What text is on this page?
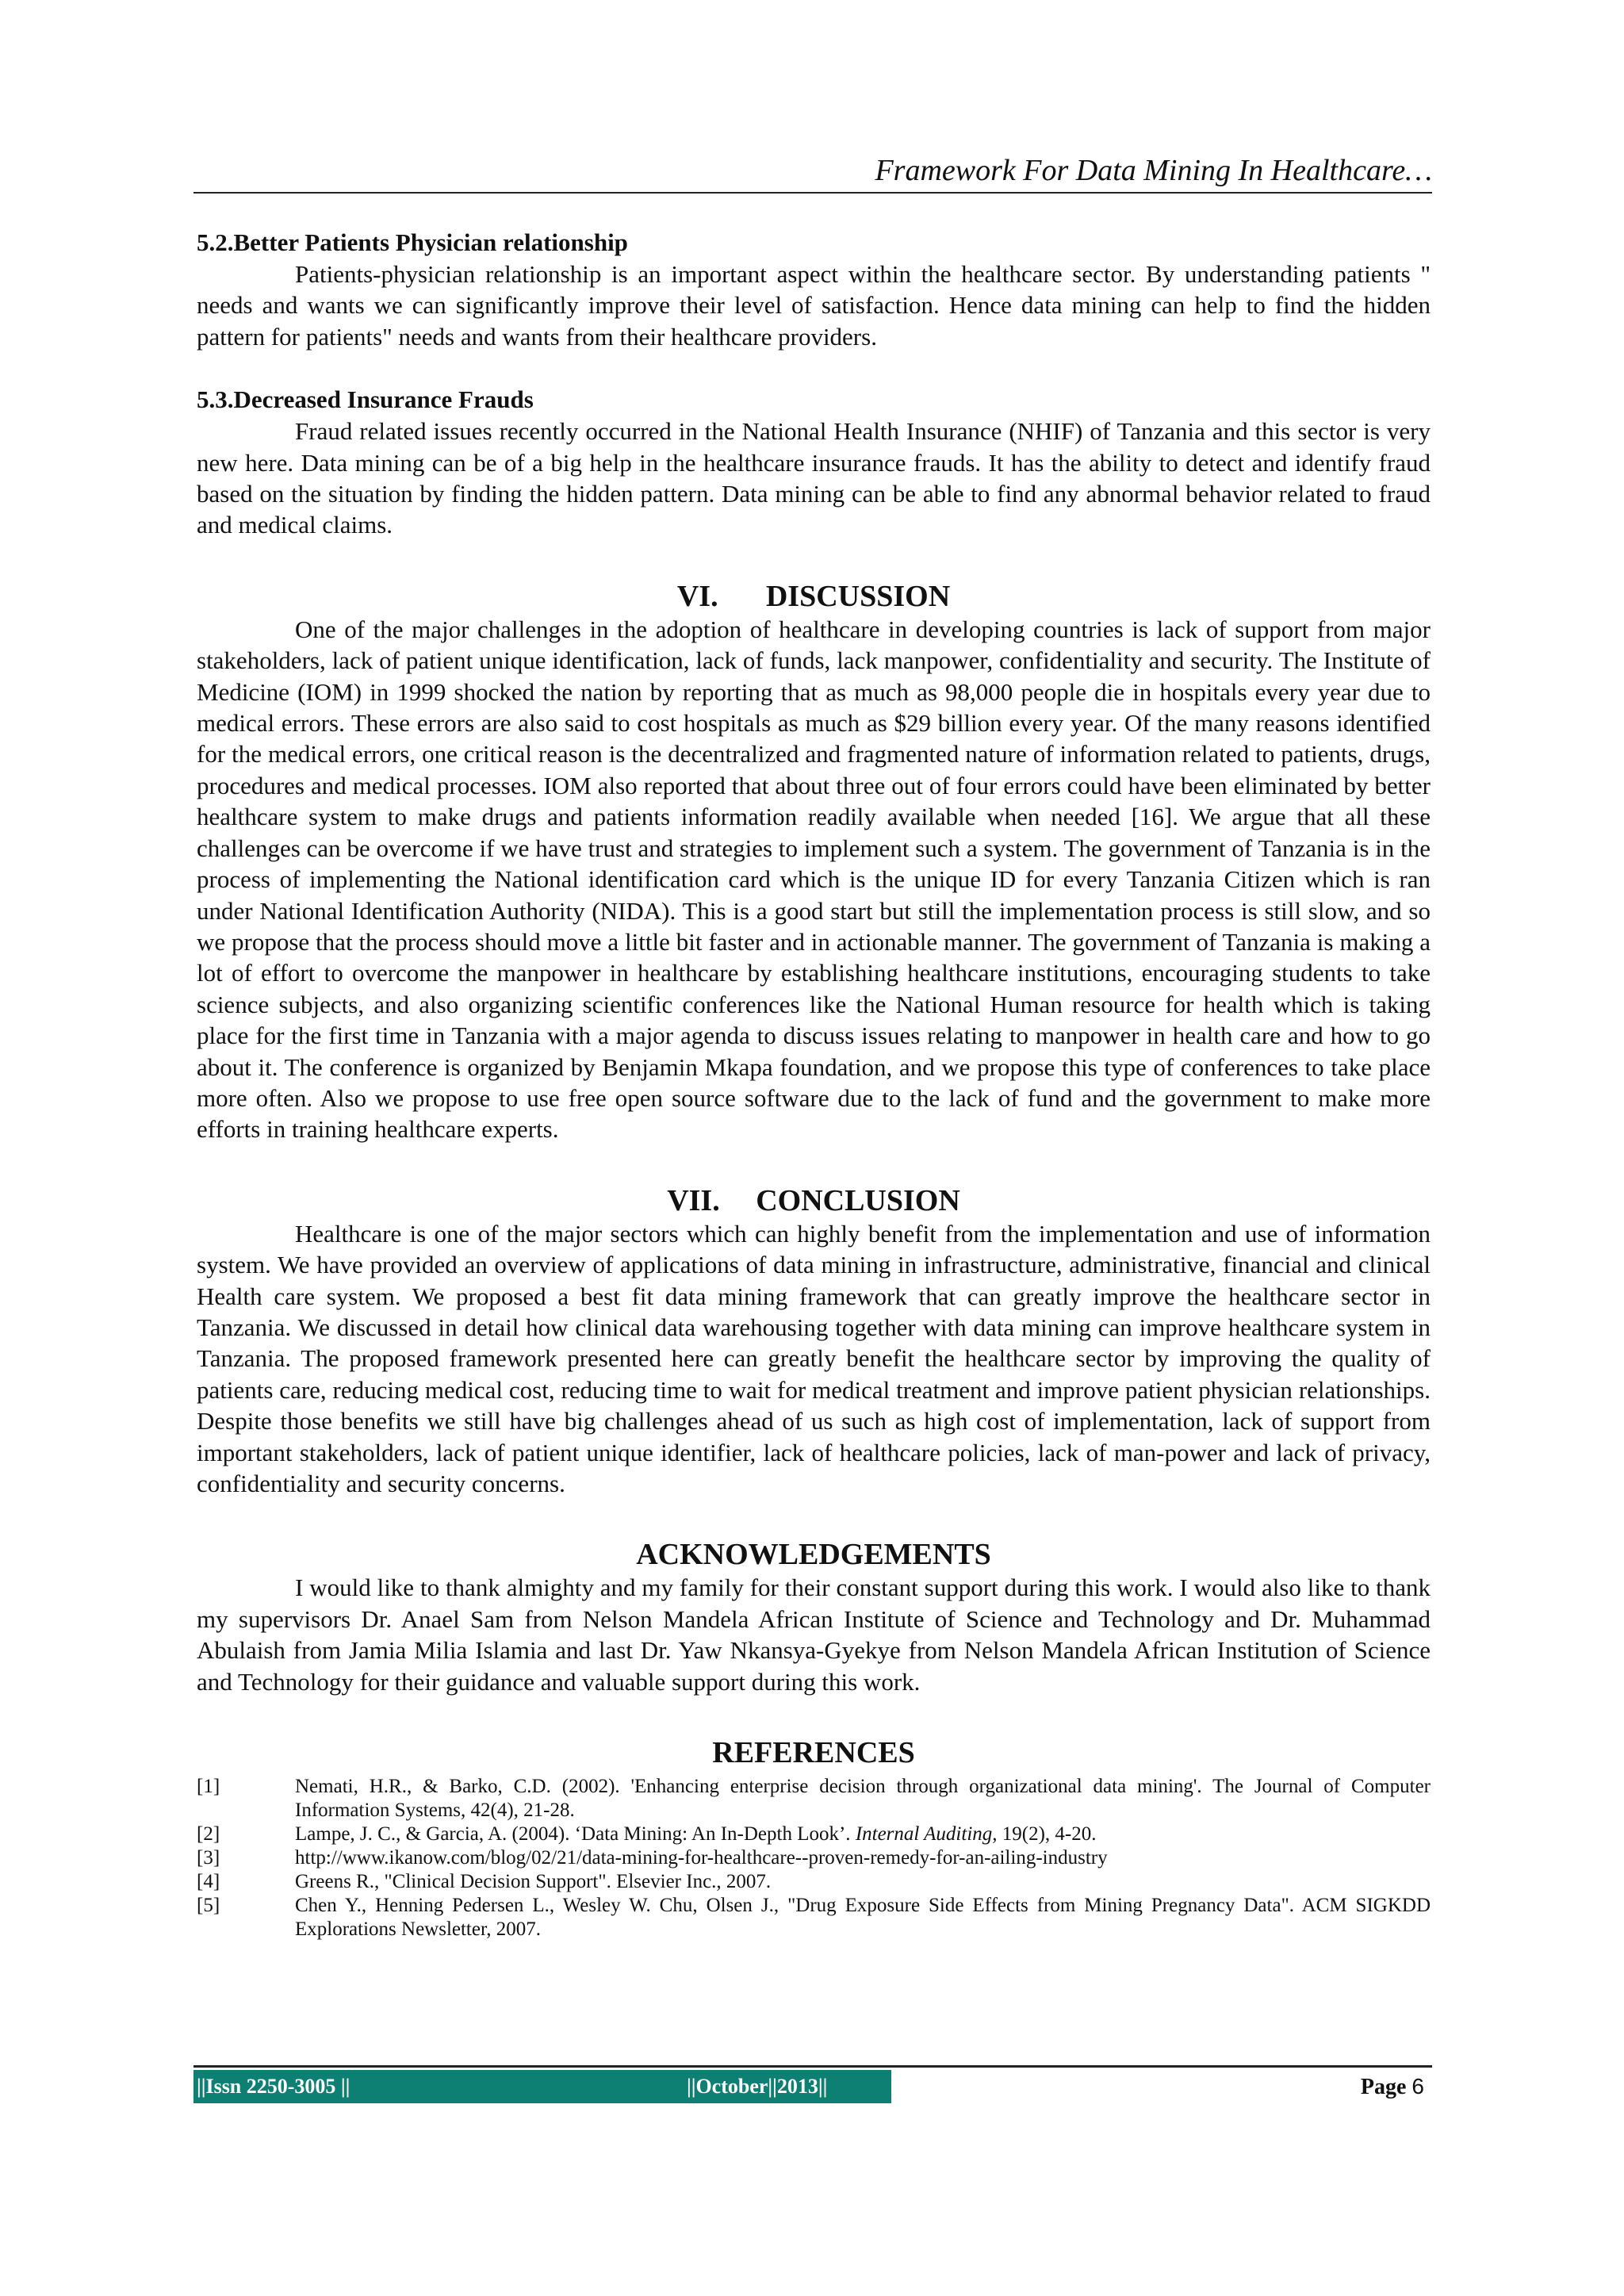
Framework For Data Mining In Healthcare…
5.2.Better Patients Physician relationship

Patients-physician relationship is an important aspect within the healthcare sector. By understanding patients " needs and wants we can significantly improve their level of satisfaction. Hence data mining can help to find the hidden pattern for patients" needs and wants from their healthcare providers.

5.3.Decreased Insurance Frauds

Fraud related issues recently occurred in the National Health Insurance (NHIF) of Tanzania and this sector is very new here. Data mining can be of a big help in the healthcare insurance frauds. It has the ability to detect and identify fraud based on the situation by finding the hidden pattern. Data mining can be able to find any abnormal behavior related to fraud and medical claims.

VI. DISCUSSION

One of the major challenges in the adoption of healthcare in developing countries is lack of support from major stakeholders, lack of patient unique identification, lack of funds, lack manpower, confidentiality and security. The Institute of Medicine (IOM) in 1999 shocked the nation by reporting that as much as 98,000 people die in hospitals every year due to medical errors. These errors are also said to cost hospitals as much as $29 billion every year. Of the many reasons identified for the medical errors, one critical reason is the decentralized and fragmented nature of information related to patients, drugs, procedures and medical processes. IOM also reported that about three out of four errors could have been eliminated by better healthcare system to make drugs and patients information readily available when needed [16]. We argue that all these challenges can be overcome if we have trust and strategies to implement such a system. The government of Tanzania is in the process of implementing the National identification card which is the unique ID for every Tanzania Citizen which is ran under National Identification Authority (NIDA). This is a good start but still the implementation process is still slow, and so we propose that the process should move a little bit faster and in actionable manner. The government of Tanzania is making a lot of effort to overcome the manpower in healthcare by establishing healthcare institutions, encouraging students to take science subjects, and also organizing scientific conferences like the National Human resource for health which is taking place for the first time in Tanzania with a major agenda to discuss issues relating to manpower in health care and how to go about it. The conference is organized by Benjamin Mkapa foundation, and we propose this type of conferences to take place more often. Also we propose to use free open source software due to the lack of fund and the government to make more efforts in training healthcare experts.

VII. CONCLUSION

Healthcare is one of the major sectors which can highly benefit from the implementation and use of information system. We have provided an overview of applications of data mining in infrastructure, administrative, financial and clinical Health care system. We proposed a best fit data mining framework that can greatly improve the healthcare sector in Tanzania. We discussed in detail how clinical data warehousing together with data mining can improve healthcare system in Tanzania. The proposed framework presented here can greatly benefit the healthcare sector by improving the quality of patients care, reducing medical cost, reducing time to wait for medical treatment and improve patient physician relationships. Despite those benefits we still have big challenges ahead of us such as high cost of implementation, lack of support from important stakeholders, lack of patient unique identifier, lack of healthcare policies, lack of man-power and lack of privacy, confidentiality and security concerns.

ACKNOWLEDGEMENTS

I would like to thank almighty and my family for their constant support during this work. I would also like to thank my supervisors Dr. Anael Sam from Nelson Mandela African Institute of Science and Technology and Dr. Muhammad Abulaish from Jamia Milia Islamia and last Dr. Yaw Nkansya-Gyekye from Nelson Mandela African Institution of Science and Technology for their guidance and valuable support during this work.

REFERENCES
[1]	Nemati, H.R., & Barko, C.D. (2002). 'Enhancing enterprise decision through organizational data mining'. The Journal of Computer Information Systems, 42(4), 21-28.
[2]	Lampe, J. C., & Garcia, A. (2004). ‘Data Mining: An In-Depth Look’. Internal Auditing, 19(2), 4-20.
[3]	http://www.ikanow.com/blog/02/21/data-mining-for-healthcare--proven-remedy-for-an-ailing-industry
[4]	Greens R., "Clinical Decision Support". Elsevier Inc., 2007.
[5]	Chen Y., Henning Pedersen L., Wesley W. Chu, Olsen J., "Drug Exposure Side Effects from Mining Pregnancy Data". ACM SIGKDD Explorations Newsletter, 2007.
||Issn 2250-3005 ||	||October||2013||	Page 6
